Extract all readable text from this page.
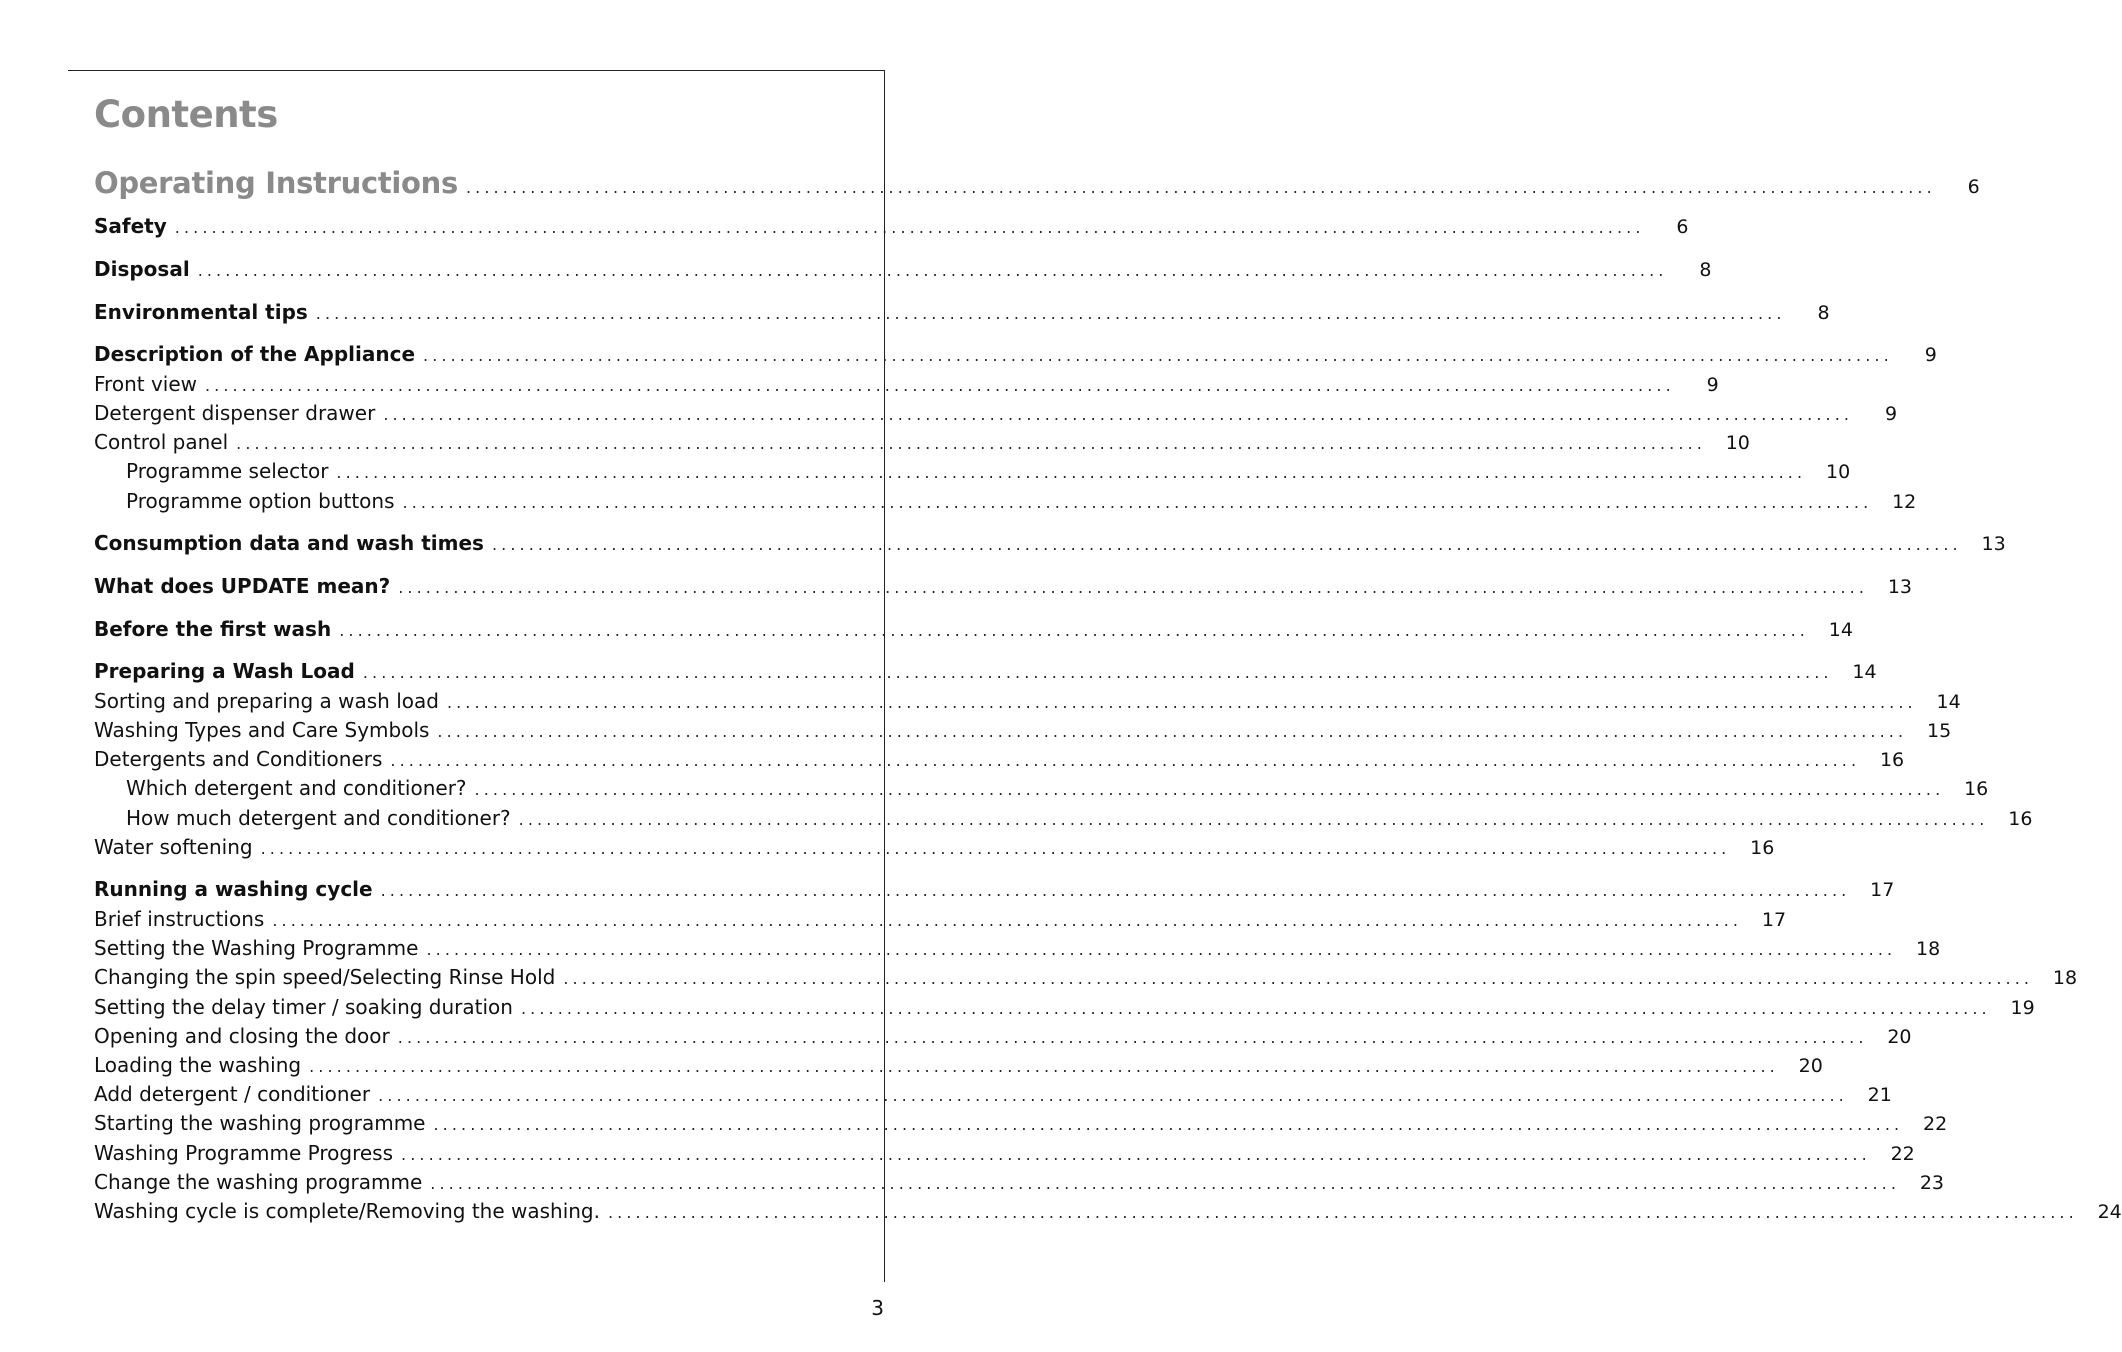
Contents
Operating Instructions ................................................................................................................................................................	6
Safety ................................................................................................................................................................	6
Disposal ................................................................................................................................................................	8
Environmental tips ................................................................................................................................................................	8
Description of the Appliance ................................................................................................................................................................	9
Front view ................................................................................................................................................................	9
Detergent dispenser drawer ................................................................................................................................................................	9
Control panel ................................................................................................................................................................	10
Programme selector ................................................................................................................................................................	10
Programme option buttons ................................................................................................................................................................	12
Consumption data and wash times ................................................................................................................................................................	13
What does UPDATE mean? ................................................................................................................................................................	13
Before the first wash ................................................................................................................................................................	14
Preparing a Wash Load ................................................................................................................................................................	14
Sorting and preparing a wash load ................................................................................................................................................................	14
Washing Types and Care Symbols ................................................................................................................................................................	15
Detergents and Conditioners ................................................................................................................................................................	16
Which detergent and conditioner? ................................................................................................................................................................	16
How much detergent and conditioner? ................................................................................................................................................................	16
Water softening ................................................................................................................................................................	16
Running a washing cycle ................................................................................................................................................................	17
Brief instructions ................................................................................................................................................................	17
Setting the Washing Programme ................................................................................................................................................................	18
Changing the spin speed/Selecting Rinse Hold ................................................................................................................................................................	18
Setting the delay timer / soaking duration ................................................................................................................................................................	19
Opening and closing the door ................................................................................................................................................................	20
Loading the washing ................................................................................................................................................................	20
Add detergent / conditioner ................................................................................................................................................................	21
Starting the washing programme ................................................................................................................................................................	22
Washing Programme Progress ................................................................................................................................................................	22
Change the washing programme ................................................................................................................................................................	23
Washing cycle is complete/Removing the washing. ................................................................................................................................................................	24
3
